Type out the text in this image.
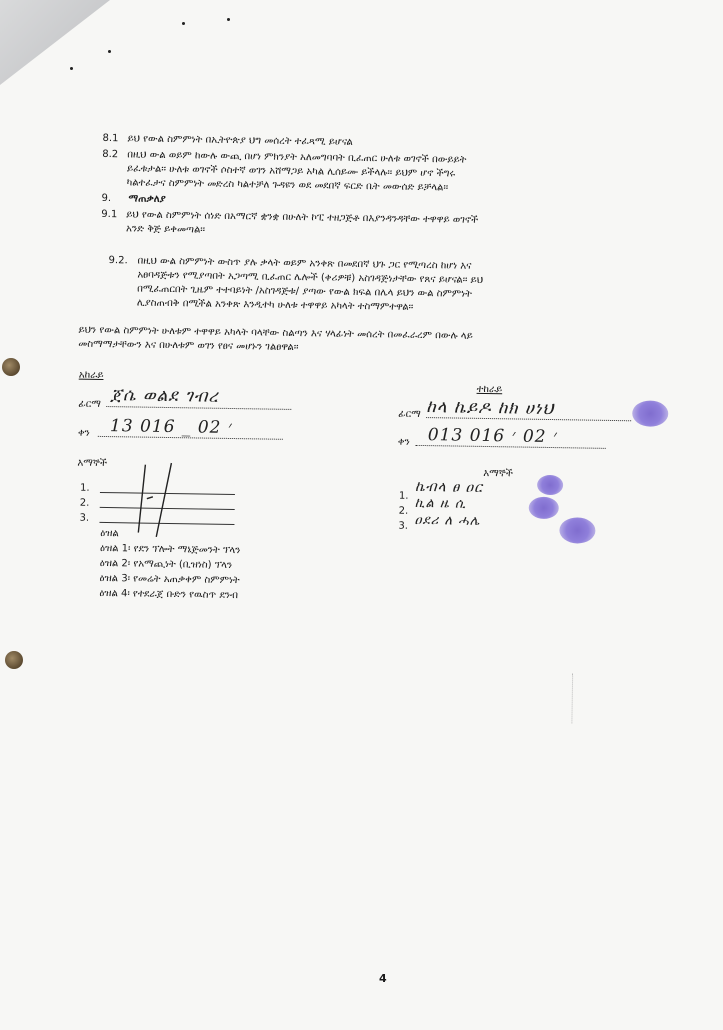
8.1 ይህ የውል ስምምነት በኢትዮጵያ ህግ መሰረት ተፈጻሚ ይሆናል
8.2 በዚህ ውል ወይም ከውሉ ውጪ በሆነ ምክንያት አለመግባባት ቢፈጠር ሁለቱ ወገኖች በውይይት
ይፈቱታል፡፡ ሁለቱ ወገኖች ሶስተኛ ወገን አሸማጋይ አካል ሊሰይሙ ይችላሉ፡፡ ይህም ሆኖ ችግሩ
ካልተፈታና ስምምነት መድረስ ካልተቻለ ጉዳዩን ወደ መደበኛ ፍርድ ቤት መውሰድ ይቻላል፡፡
9. ማጠቃለያ
9.1 ይህ የውል ስምምነት ሰነድ በአማርኛ ቋንቋ በሁለት ኮፒ ተዘጋጅቶ በእያንዳንዳቸው ተዋዋይ ወገኖች
አንድ ቅጅ ይቀመጣል፡፡
9.2. በዚህ ውል ስምምነት ውስጥ ያሉ ቃላት ወይም አንቀጽ በመደበኛ ህጉ ጋር የሚጣረስ ከሆነ እና
አፀባዳጅቱን የሚያጣበት አጋጣሚ ቢፈጠር ሌሎች (ቀሪዎቹ) አስገዳጅነታቸው የጸና ይሆናል፡፡ ይህ
በሚፈጠርበት ጊዜም ተተባይነት /አስገዳጅቱ/ ያጣው የውል ክፍል በሌላ ይህን ውል ስምምነት
ሊያስጠብቅ በሚችል አንቀጽ እንዲተካ ሁለቱ ተዋዋይ አካላት ተስማምተዋል፡፡
ይህን የውል ስምምነት ሁለቱም ተዋዋይ አካላት ባላቸው ስልጣን እና ሃላፊነት መሰረት በመፈራረም በውሉ ላይ
መስማማታቸውን እና በሁለቱም ወገን የፀና መሆኑን ገልፀዋል፡፡
አከራይ
ፊርማ ጀሴ ወልደ ገብረ
ቀን 13 ׳ 02 _ 016
ተከራይ
ፊርማ ከላ ኬይዶ ከክ ሀነህ
ቀን 013 ׳ 02 ׳ 016
እማኞች
1.
2.
3.
እማኞች
1.
2.
3.
ኬብላ ፀ ዐር
ኪል ዜ ሲ
ዐደሪ ለ ሓሌ
ዕዝል
ዕዝል 1፡ የደን ፕሎት ማኔጅመንት ፕላን
ዕዝል 2፡ የአማጪነት (ቢዝነስ) ፕላን
ዕዝል 3፡ የመሬት አጠቃቀም ስምምነት
ዕዝል 4፡ የተደራጀ ቡድን የዉስጥ ደንብ
4
